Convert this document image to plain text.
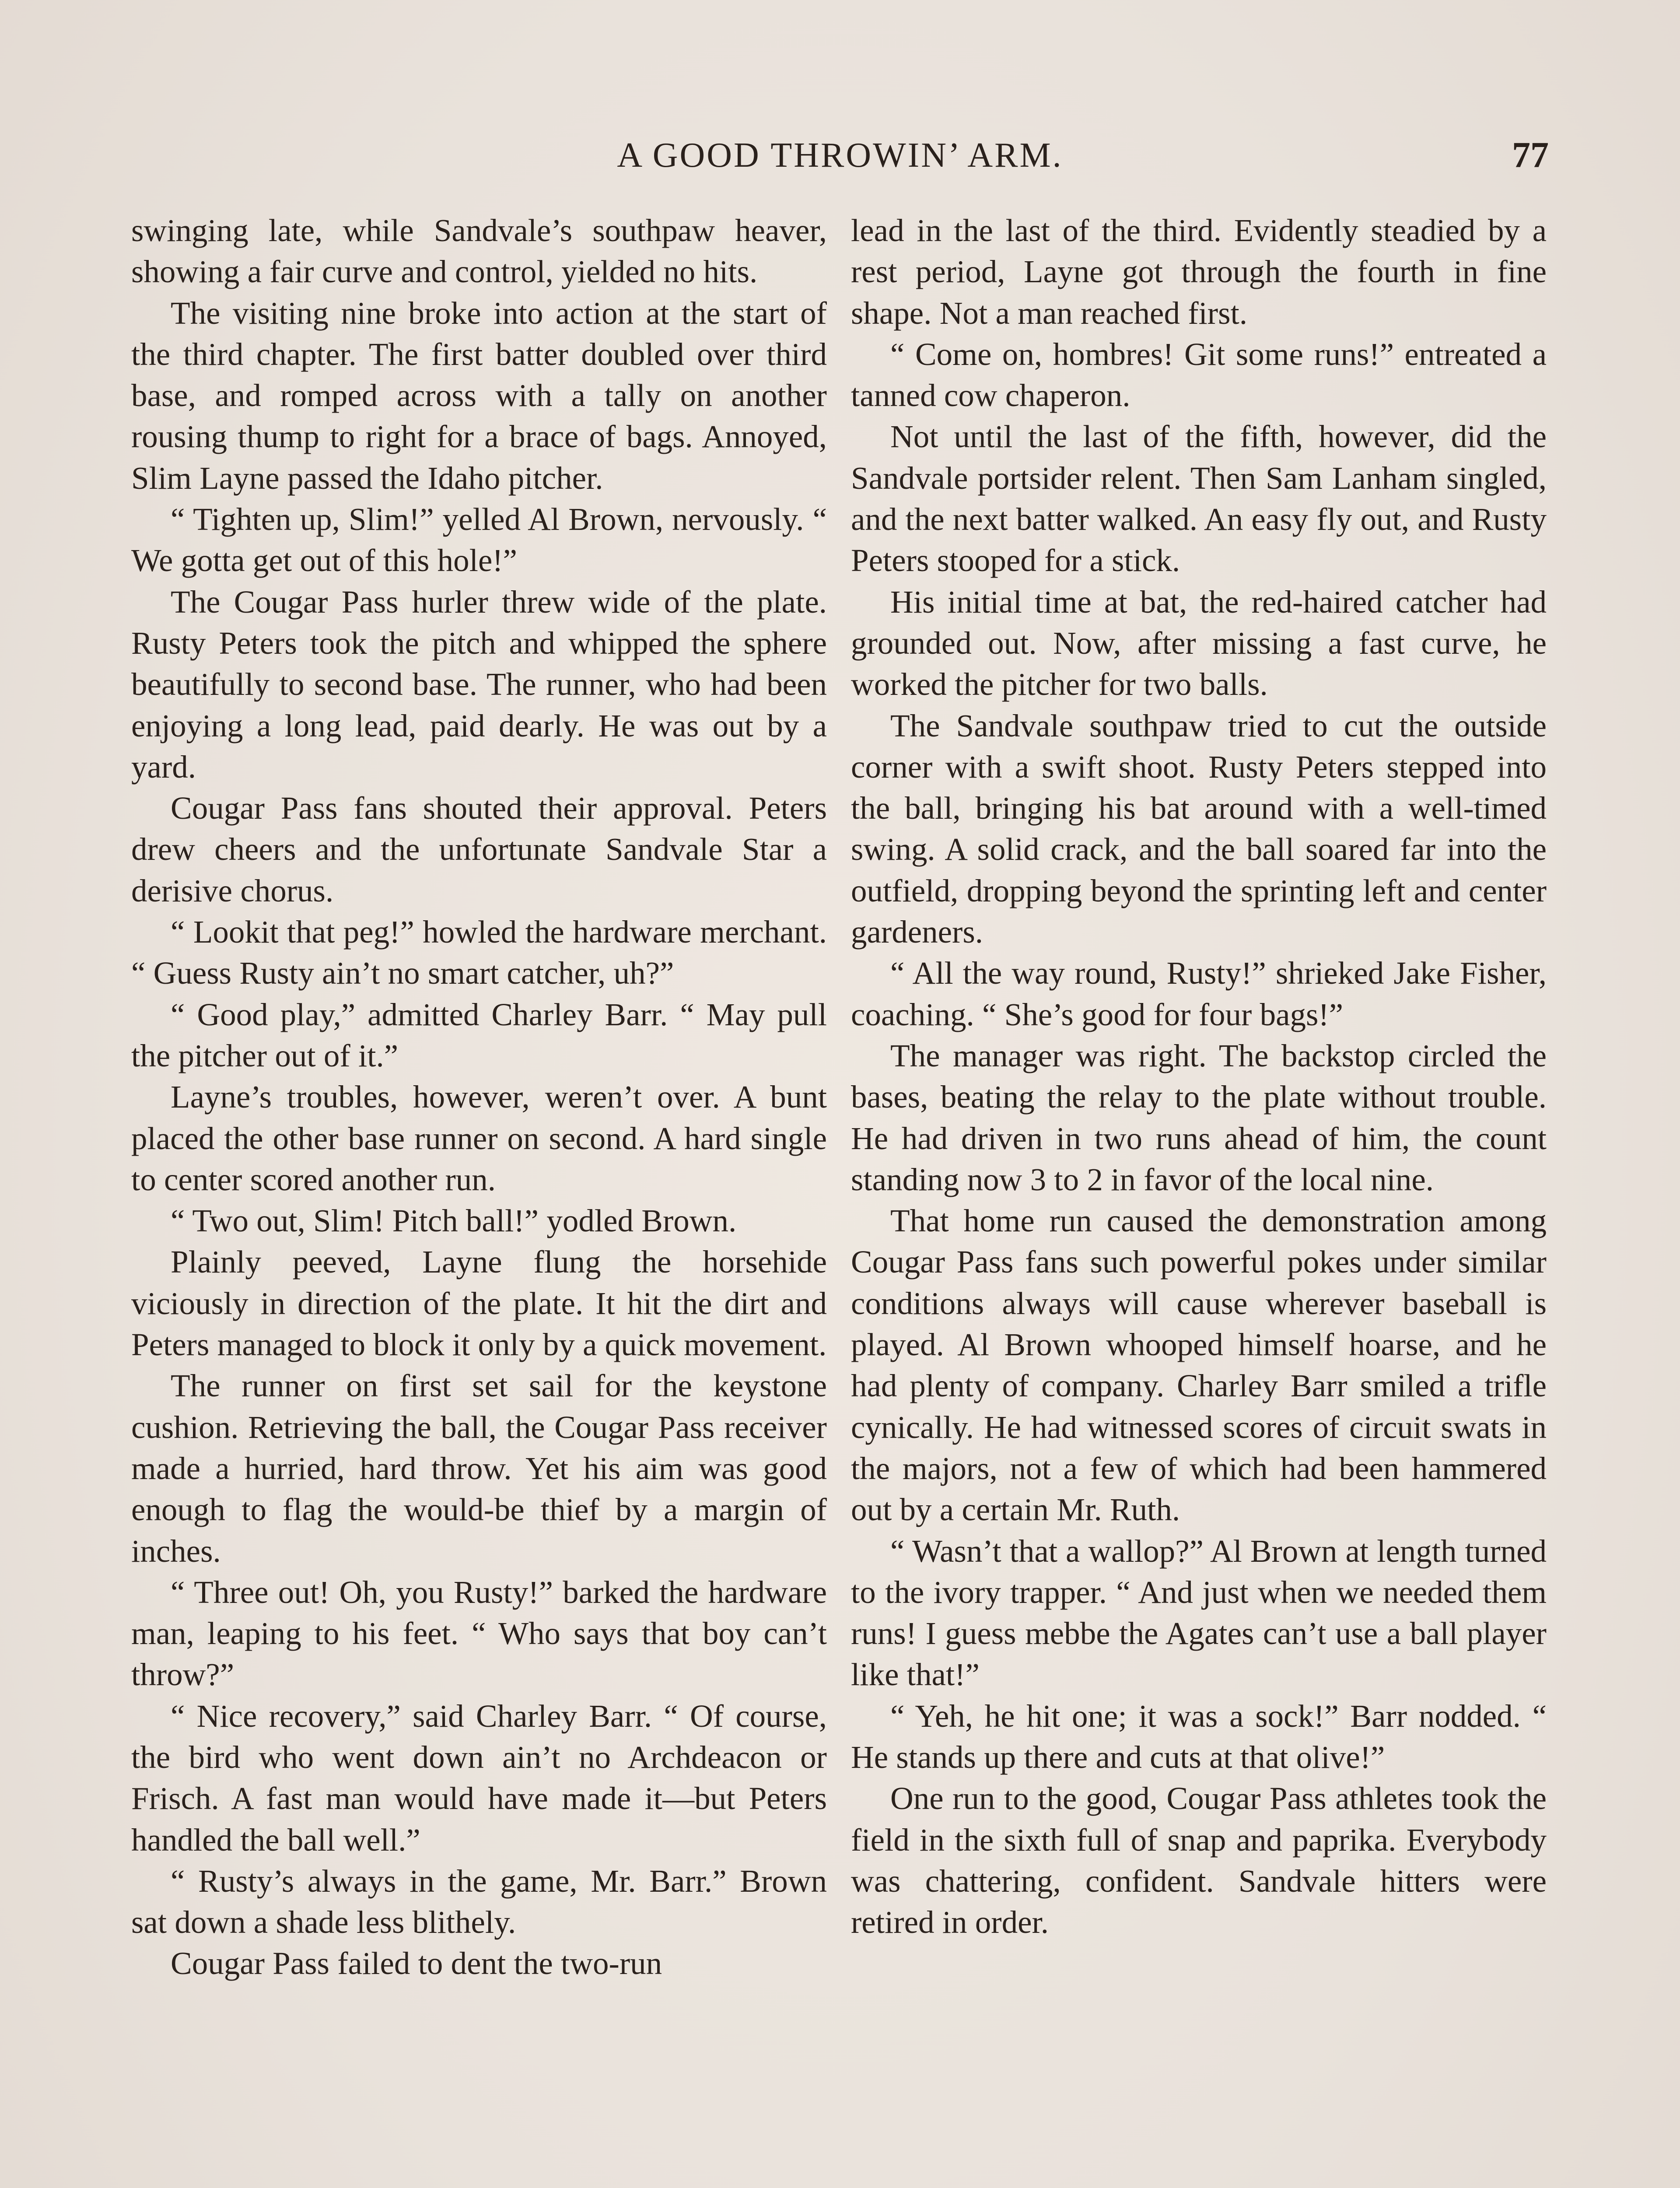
A GOOD THROWIN’ ARM.	77

swinging late, while Sandvale’s southpaw heaver, showing a fair curve and control, yielded no hits.

The visiting nine broke into action at the start of the third chapter. The first batter doubled over third base, and romped across with a tally on another rousing thump to right for a brace of bags. Annoyed, Slim Layne passed the Idaho pitcher.

“ Tighten up, Slim!” yelled Al Brown, nervously. “ We gotta get out of this hole!”

The Cougar Pass hurler threw wide of the plate. Rusty Peters took the pitch and whipped the sphere beautifully to second base. The runner, who had been enjoying a long lead, paid dearly. He was out by a yard.

Cougar Pass fans shouted their approval. Peters drew cheers and the unfortunate Sandvale Star a derisive chorus.

“ Lookit that peg!” howled the hardware merchant. “ Guess Rusty ain’t no smart catcher, uh?”

“ Good play,” admitted Charley Barr. “ May pull the pitcher out of it.”

Layne’s troubles, however, weren’t over. A bunt placed the other base runner on second. A hard single to center scored another run.

“ Two out, Slim! Pitch ball!” yodled Brown.

Plainly peeved, Layne flung the horsehide viciously in direction of the plate. It hit the dirt and Peters managed to block it only by a quick movement.

The runner on first set sail for the keystone cushion. Retrieving the ball, the Cougar Pass receiver made a hurried, hard throw. Yet his aim was good enough to flag the would-be thief by a margin of inches.

“ Three out! Oh, you Rusty!” barked the hardware man, leaping to his feet. “ Who says that boy can’t throw?”

“ Nice recovery,” said Charley Barr. “ Of course, the bird who went down ain’t no Archdeacon or Frisch. A fast man would have made it—but Peters handled the ball well.”

“ Rusty’s always in the game, Mr. Barr.” Brown sat down a shade less blithely.

Cougar Pass failed to dent the two-run

lead in the last of the third. Evidently steadied by a rest period, Layne got through the fourth in fine shape. Not a man reached first.

“ Come on, hombres! Git some runs!” entreated a tanned cow chaperon.

Not until the last of the fifth, however, did the Sandvale portsider relent. Then Sam Lanham singled, and the next batter walked. An easy fly out, and Rusty Peters stooped for a stick.

His initial time at bat, the red-haired catcher had grounded out. Now, after missing a fast curve, he worked the pitcher for two balls.

The Sandvale southpaw tried to cut the outside corner with a swift shoot. Rusty Peters stepped into the ball, bringing his bat around with a well-timed swing. A solid crack, and the ball soared far into the outfield, dropping beyond the sprinting left and center gardeners.

“ All the way round, Rusty!” shrieked Jake Fisher, coaching. “ She’s good for four bags!”

The manager was right. The backstop circled the bases, beating the relay to the plate without trouble. He had driven in two runs ahead of him, the count standing now 3 to 2 in favor of the local nine.

That home run caused the demonstration among Cougar Pass fans such powerful pokes under similar conditions always will cause wherever baseball is played. Al Brown whooped himself hoarse, and he had plenty of company. Charley Barr smiled a trifle cynically. He had witnessed scores of circuit swats in the majors, not a few of which had been hammered out by a certain Mr. Ruth.

“ Wasn’t that a wallop?” Al Brown at length turned to the ivory trapper. “ And just when we needed them runs! I guess mebbe the Agates can’t use a ball player like that!”

“ Yeh, he hit one; it was a sock!” Barr nodded. “ He stands up there and cuts at that olive!”

One run to the good, Cougar Pass athletes took the field in the sixth full of snap and paprika. Everybody was chattering, confident. Sandvale hitters were retired in order.
